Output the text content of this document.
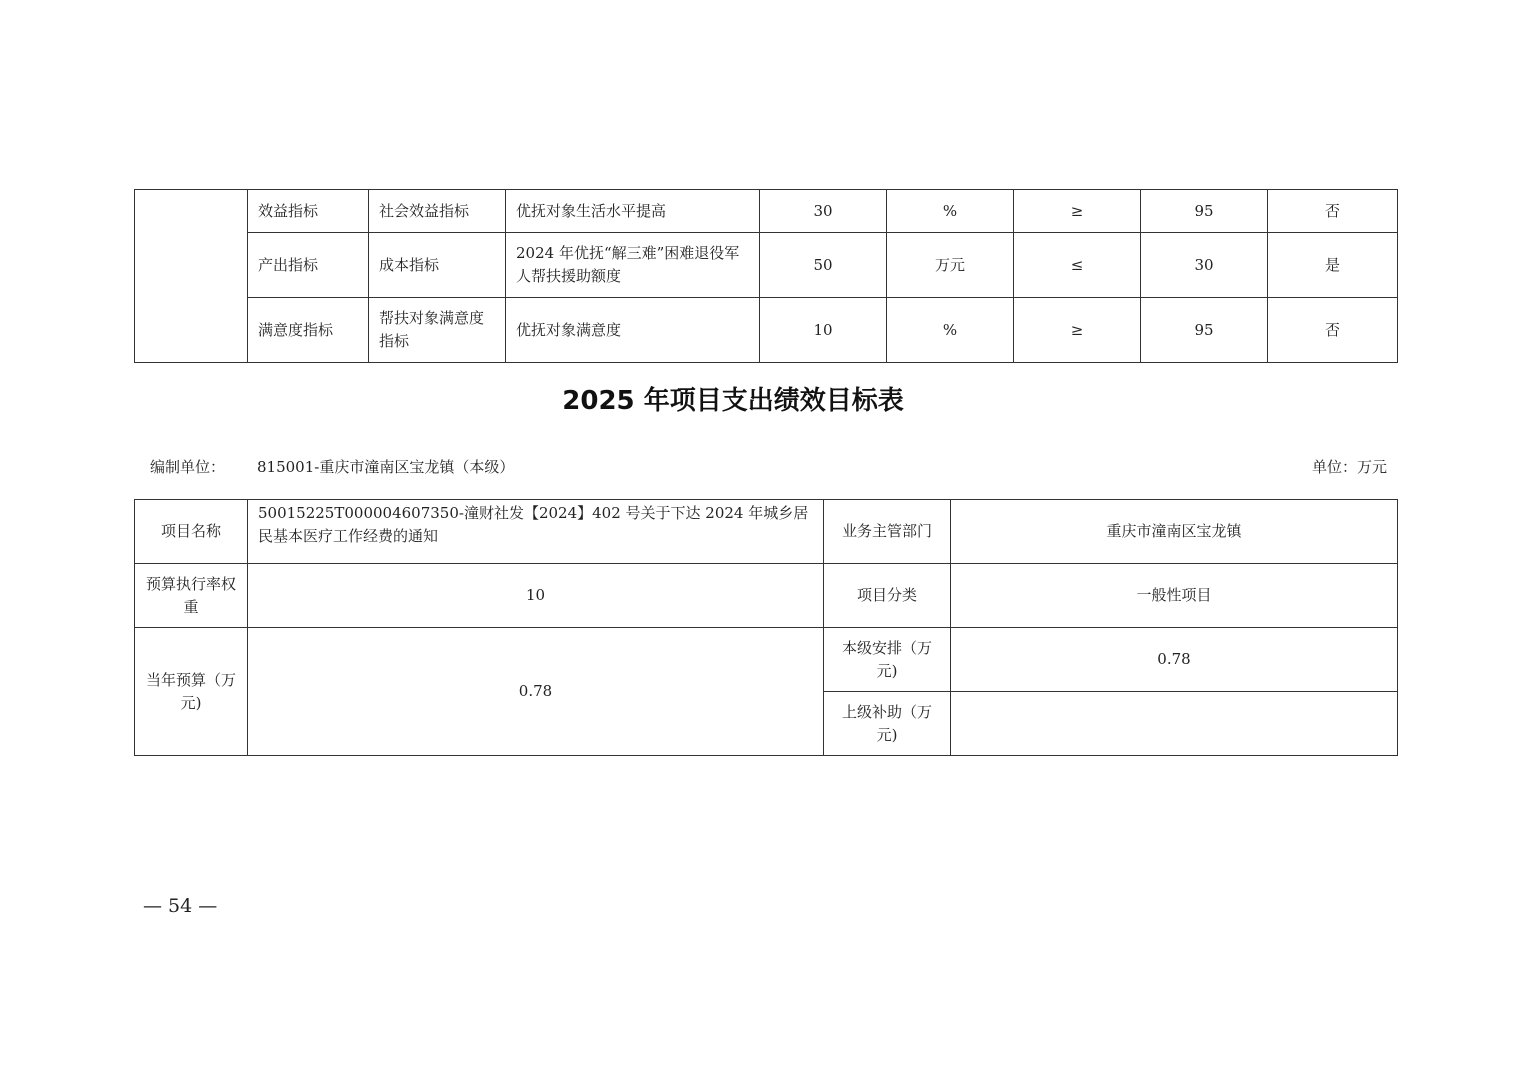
	效益指标	社会效益指标	优抚对象生活水平提高	30	%	≥	95	否
	产出指标	成本指标	2024 年优抚“解三难”困难退役军人帮扶援助额度	50	万元	≤	30	是
	满意度指标	帮扶对象满意度指标	优抚对象满意度	10	%	≥	95	否
2025 年项目支出绩效目标表
编制单位： 815001-重庆市潼南区宝龙镇（本级）	单位：万元
项目名称	50015225T000004607350-潼财社发【2024】402 号关于下达 2024 年城乡居民基本医疗工作经费的通知	业务主管部门	重庆市潼南区宝龙镇
预算执行率权重	10	项目分类	一般性项目
当年预算（万元)	0.78	本级安排（万元)	0.78
		上级补助（万元)	
— 54 —
